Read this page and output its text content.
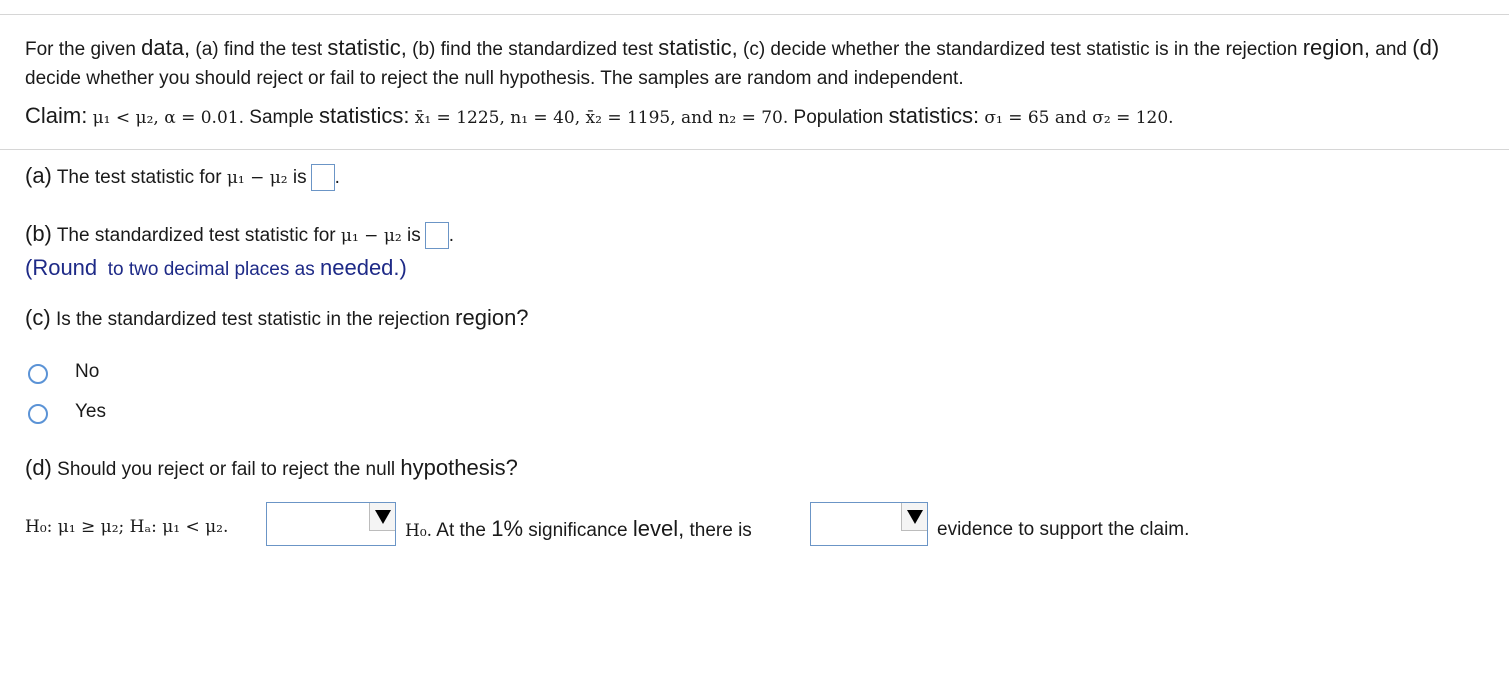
For the given data, (a) find the test statistic, (b) find the standardized test statistic, (c) decide whether the standardized test statistic is in the rejection region, and (d) decide whether you should reject or fail to reject the null hypothesis. The samples are random and independent.
Claim: μ₁ < μ₂, α = 0.01. Sample statistics: x̄₁ = 1225, n₁ = 40, x̄₂ = 1195, and n₂ = 70. Population statistics: σ₁ = 65 and σ₂ = 120.
(a) The test statistic for μ₁ − μ₂ is .
(b) The standardized test statistic for μ₁ − μ₂ is .
(Round to two decimal places as needed.)
(c) Is the standardized test statistic in the rejection region?
No
Yes
(d) Should you reject or fail to reject the null hypothesis?
H₀: μ₁ ≥ μ₂; Hₐ: μ₁ < μ₂.	H₀. At the 1% significance level, there is	evidence to support the claim.
